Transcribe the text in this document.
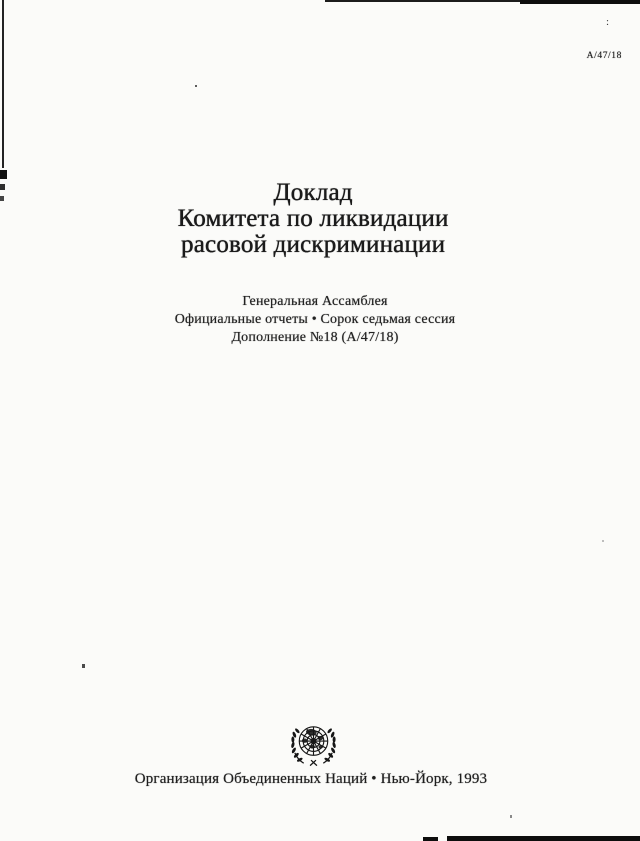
:
A/47/18
Доклад
Комитета по ликвидации
расовой дискриминации
Генеральная Ассамблея
Официальные отчеты • Сорок седьмая сессия
Дополнение №18 (A/47/18)
Организация Объединенных Наций • Нью-Йорк, 1993
